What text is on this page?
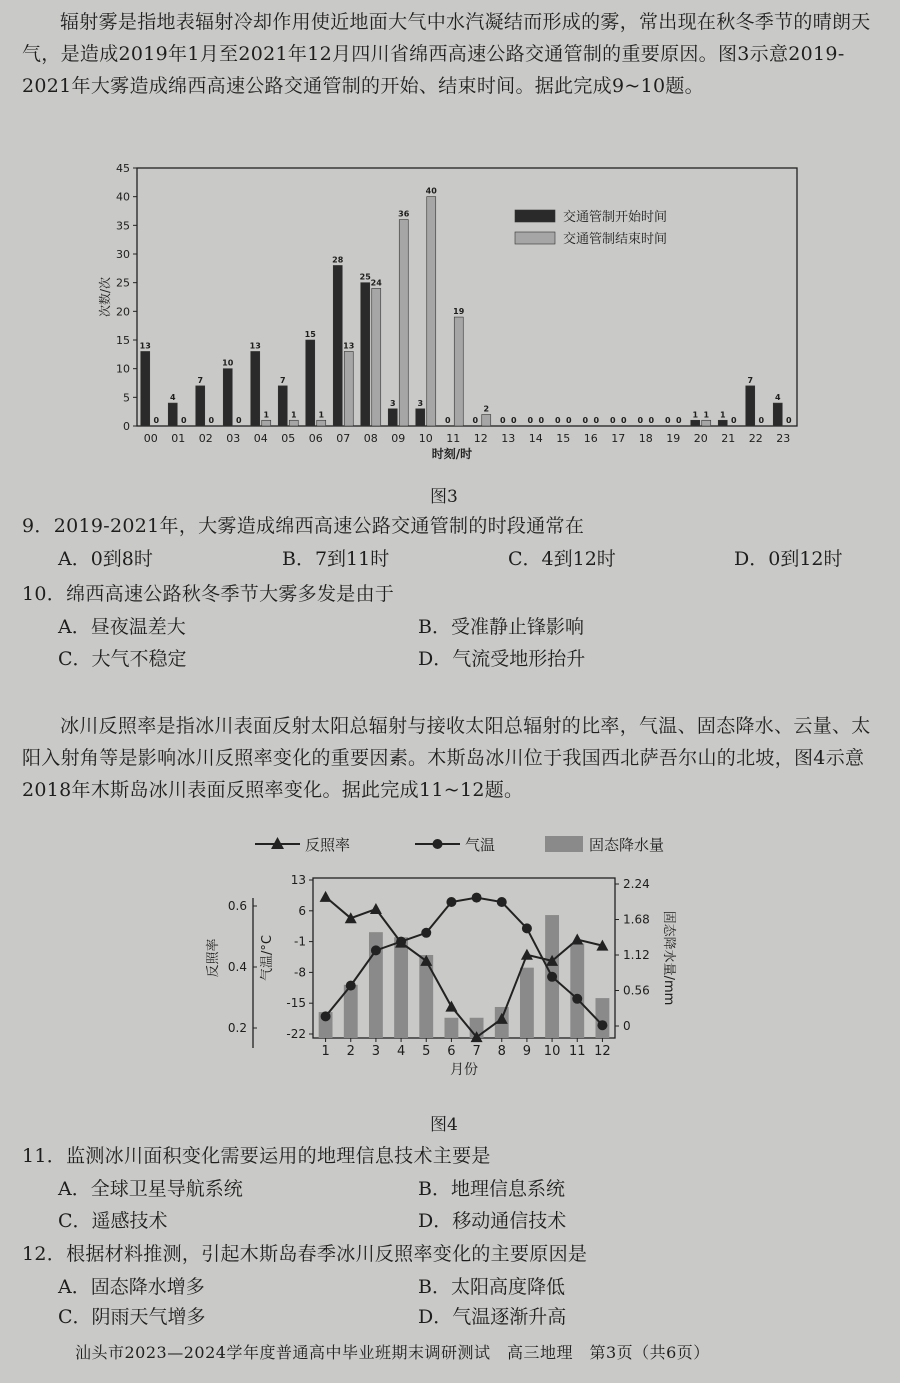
辐射雾是指地表辐射冷却作用使近地面大气中水汽凝结而形成的雾，常出现在秋冬季节的晴朗天气，是造成2019年1月至2021年12月四川省绵西高速公路交通管制的重要原因。图3示意2019-2021年大雾造成绵西高速公路交通管制的开始、结束时间。据此完成9~10题。
0
5
10
15
20
25
30
35
40
45
次数/次
00
13
0
01
4
0
02
7
0
03
10
0
04
13
1
05
7
1
06
15
1
07
28
13
08
25
24
09
3
36
10
3
40
11
0
19
12
0
2
13
0 0
14
0 0
15
0 0
16
0 0
17
0 0
18
0 0
19
0 0
20
1 1
21
1
0
22
7
0
23
4
0
时刻/时
交通管制开始时间
交通管制结束时间
图3
9．2019-2021年，大雾造成绵西高速公路交通管制的时段通常在
A．0到8时	B．7到11时	C．4到12时	D．0到12时
10．绵西高速公路秋冬季节大雾多发是由于
A．昼夜温差大	B．受准静止锋影响
C．大气不稳定	D．气流受地形抬升
冰川反照率是指冰川表面反射太阳总辐射与接收太阳总辐射的比率，气温、固态降水、云量、太阳入射角等是影响冰川反照率变化的重要因素。木斯岛冰川位于我国西北萨吾尔山的北坡，图4示意2018年木斯岛冰川表面反照率变化。据此完成11~12题。
反照率	气温	固态降水量
2.24
1.68
1.12
0.56
0
固态降水量/mm
13
6
-1
-8
-15
-22
气温/°C
0.2
0.4
0.6
反照率
1 2 3 4 5 6 7 8 9 10 11 12
月份
图4
11．监测冰川面积变化需要运用的地理信息技术主要是
A．全球卫星导航系统	B．地理信息系统
C．遥感技术	D．移动通信技术
12．根据材料推测，引起木斯岛春季冰川反照率变化的主要原因是
A．固态降水增多	B．太阳高度降低
C．阴雨天气增多	D．气温逐渐升高
汕头市2023—2024学年度普通高中毕业班期末调研测试　高三地理　第3页（共6页）
